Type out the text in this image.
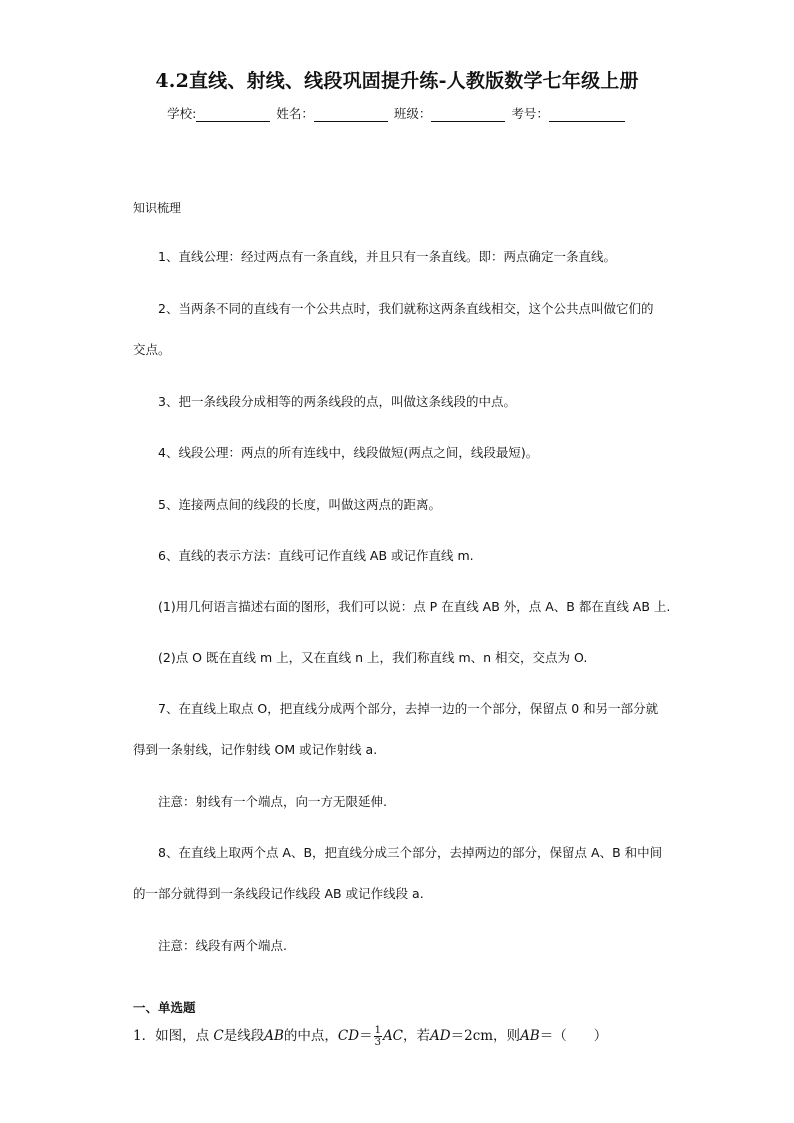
4.2直线、射线、线段巩固提升练-人教版数学七年级上册
学校:	姓名：	班级：	考号：
知识梳理
1、直线公理：经过两点有一条直线，并且只有一条直线。即：两点确定一条直线。
2、当两条不同的直线有一个公共点时，我们就称这两条直线相交，这个公共点叫做它们的
交点。
3、把一条线段分成相等的两条线段的点，叫做这条线段的中点。
4、线段公理：两点的所有连线中，线段做短(两点之间，线段最短)。
5、连接两点间的线段的长度，叫做这两点的距离。
6、直线的表示方法：直线可记作直线 AB 或记作直线 m.
(1)用几何语言描述右面的图形，我们可以说：点 P 在直线 AB 外，点 A、B 都在直线 AB 上.
(2)点 O 既在直线 m 上，又在直线 n 上，我们称直线 m、n 相交，交点为 O.
7、在直线上取点 O，把直线分成两个部分，去掉一边的一个部分，保留点 0 和另一部分就
得到一条射线，记作射线 OM 或记作射线 a.
注意：射线有一个端点，向一方无限延伸.
8、在直线上取两个点 A、B，把直线分成三个部分，去掉两边的部分，保留点 A、B 和中间
的一部分就得到一条线段记作线段 AB 或记作线段 a.
注意：线段有两个端点.
一、单选题
1．如图，点 C是线段AB的中点，$CD= \frac{1}{3}$ AC，若AD＝2cm，则AB＝（　　）
